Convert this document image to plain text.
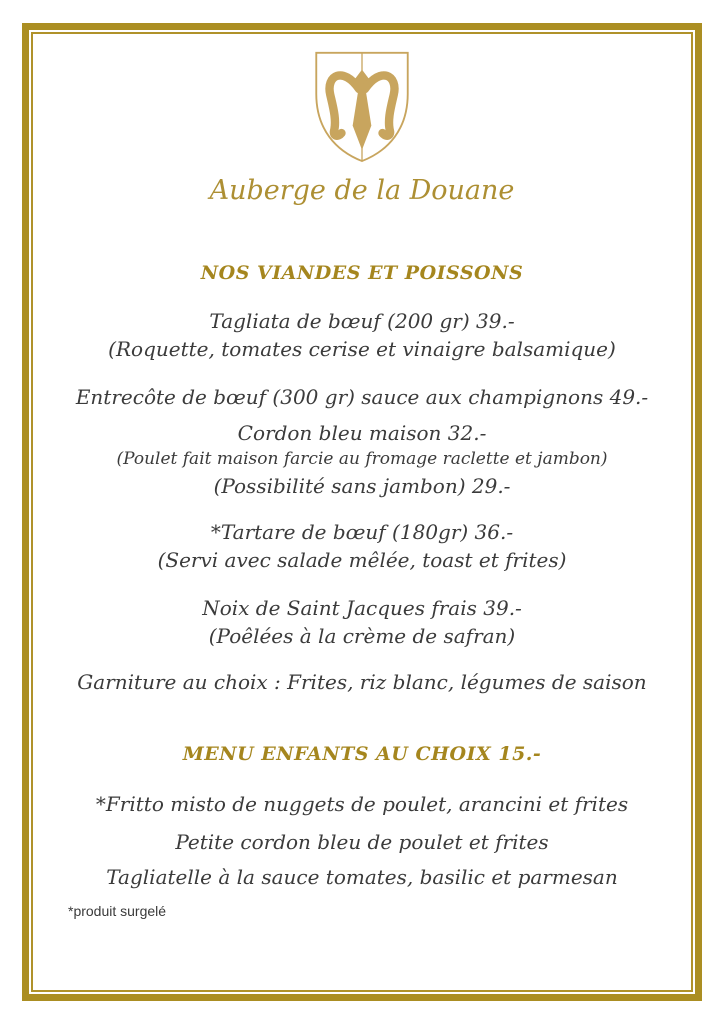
Auberge de la Douane
NOS VIANDES ET POISSONS
Tagliata de bœuf (200 gr) 39.-
(Roquette, tomates cerise et vinaigre balsamique)
Entrecôte de bœuf (300 gr) sauce aux champignons 49.-
Cordon bleu maison 32.-
(Poulet fait maison farcie au fromage raclette et jambon)
(Possibilité sans jambon) 29.-
*Tartare de bœuf (180gr) 36.-
(Servi avec salade mêlée, toast et frites)
Noix de Saint Jacques frais 39.-
(Poêlées à la crème de safran)
Garniture au choix : Frites, riz blanc, légumes de saison
MENU ENFANTS AU CHOIX 15.-
*Fritto misto de nuggets de poulet, arancini et frites
Petite cordon bleu de poulet et frites
Tagliatelle à la sauce tomates, basilic et parmesan
*produit surgelé
